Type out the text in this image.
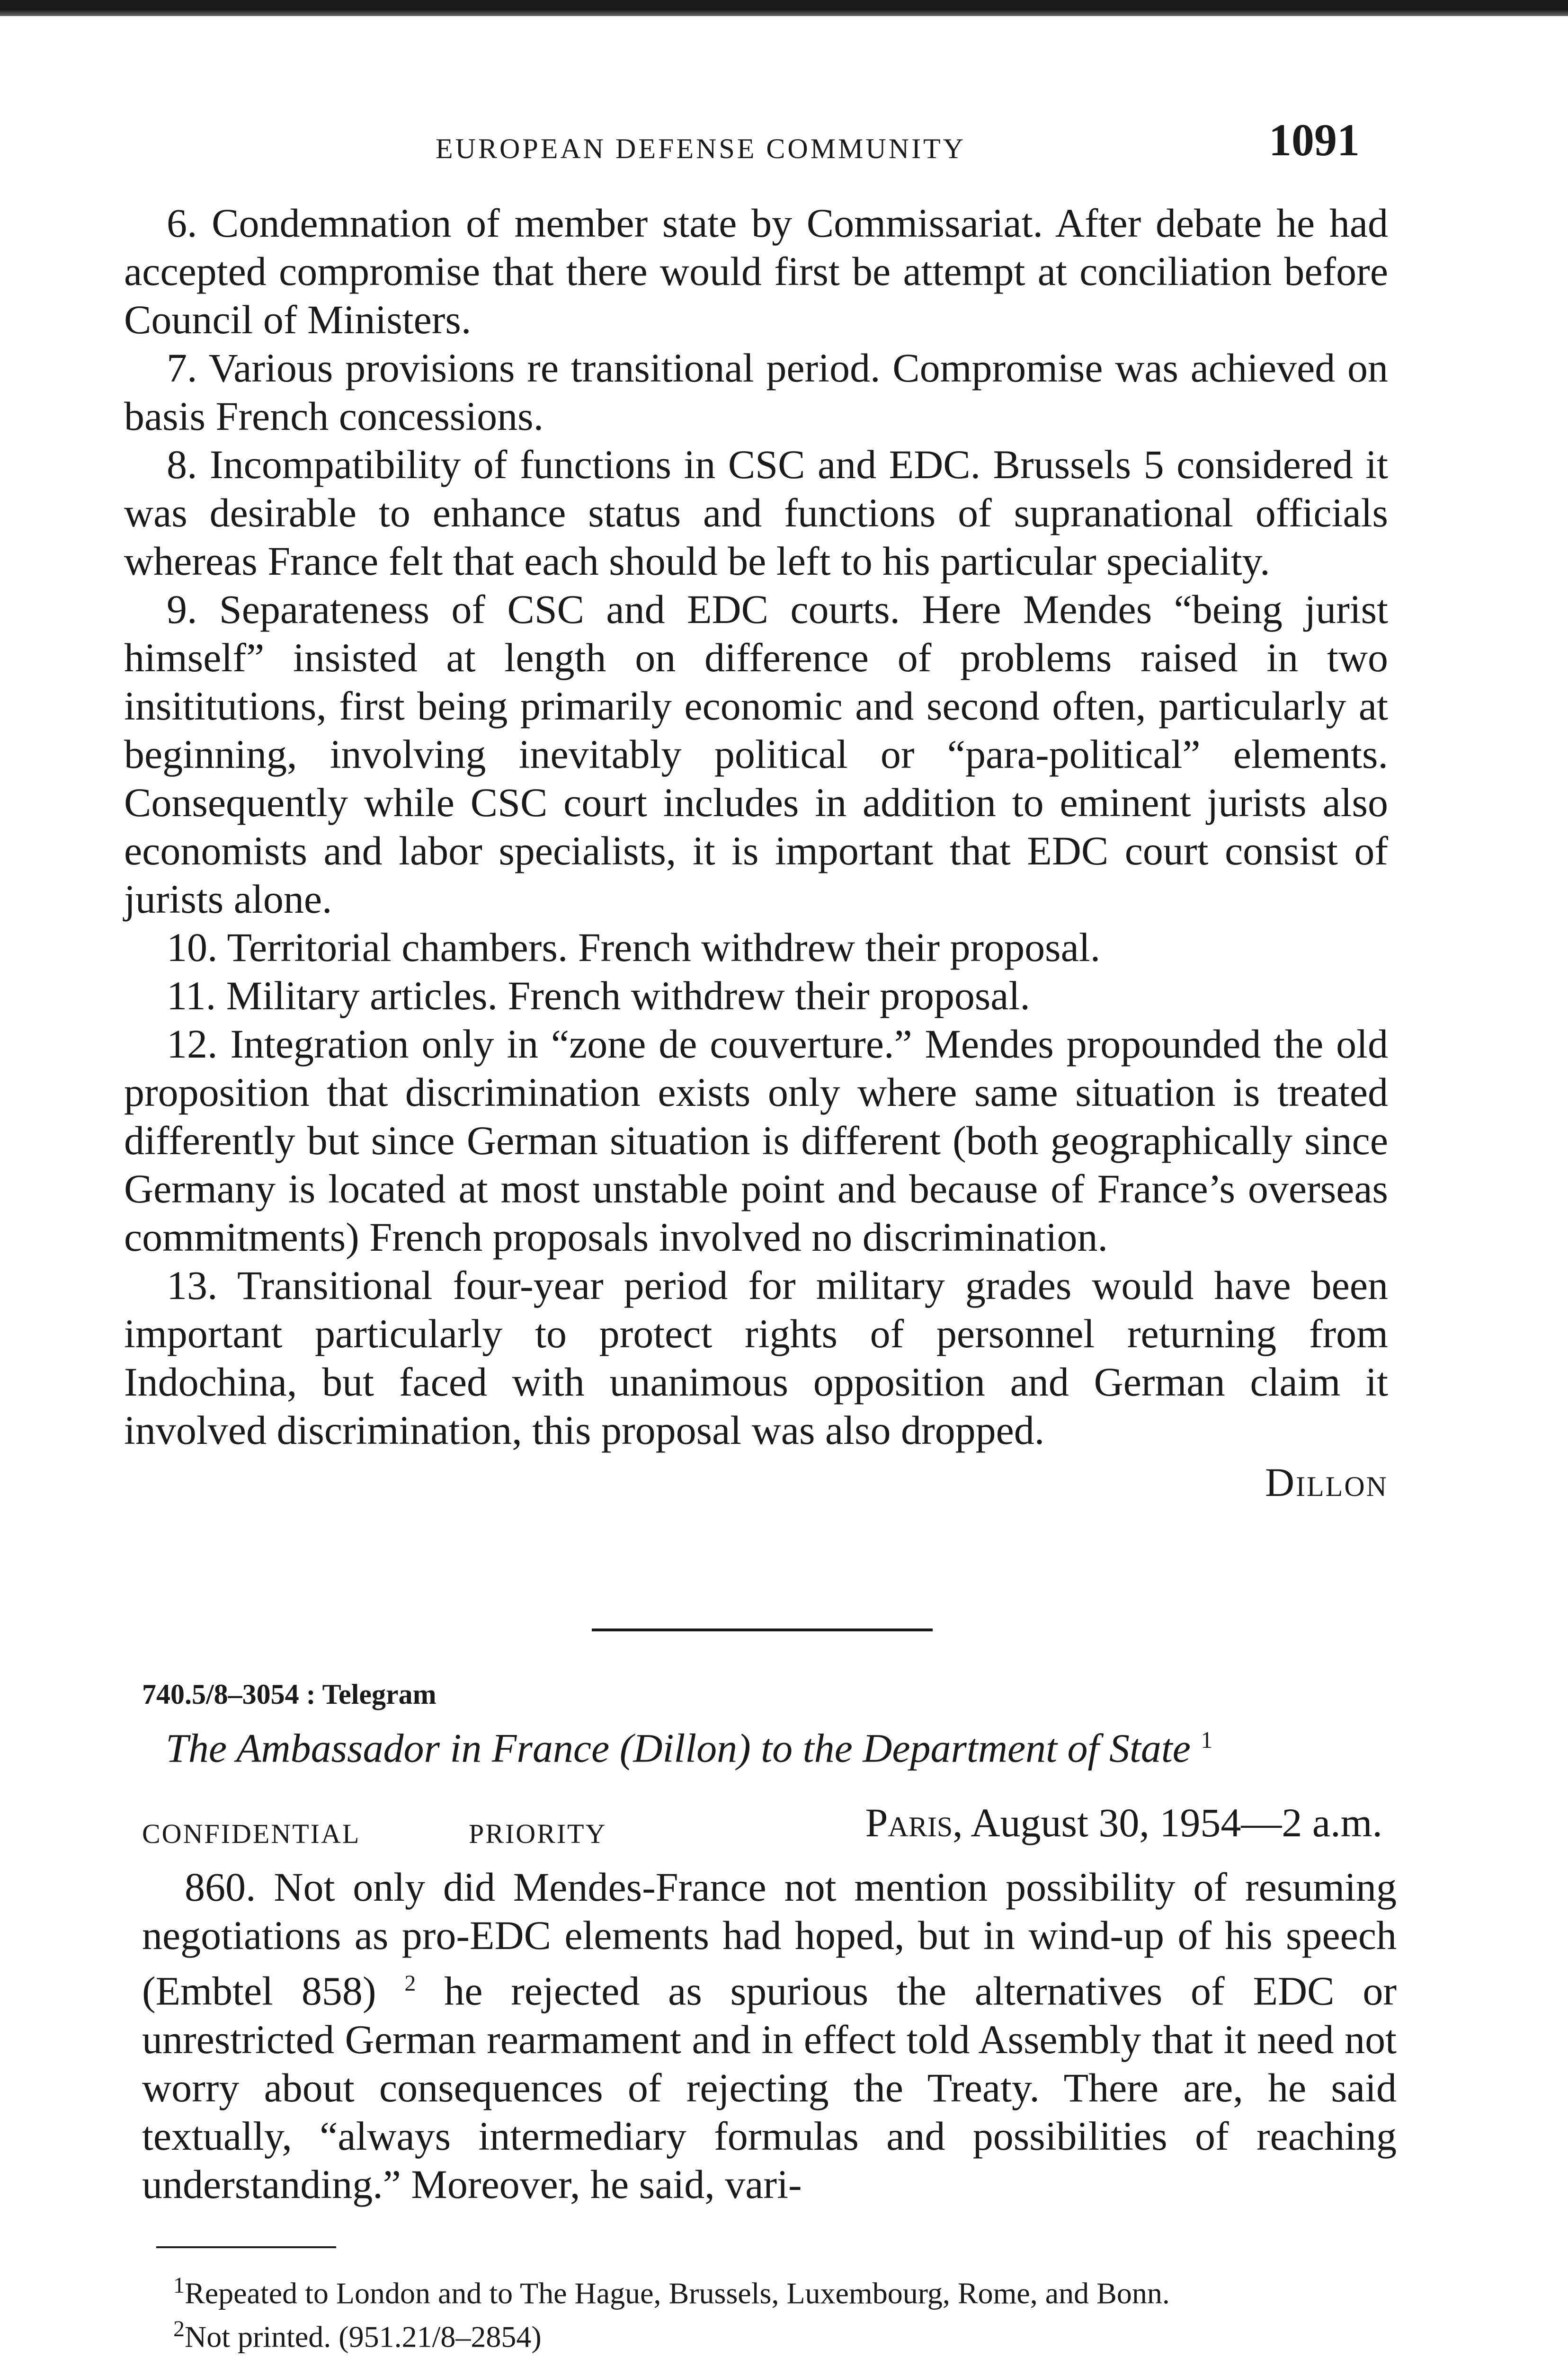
EUROPEAN DEFENSE COMMUNITY	1091

6. Condemnation of member state by Commissariat. After debate he had accepted compromise that there would first be attempt at conciliation before Council of Ministers.

7. Various provisions re transitional period. Compromise was achieved on basis French concessions.

8. Incompatibility of functions in CSC and EDC. Brussels 5 considered it was desirable to enhance status and functions of supranational officials whereas France felt that each should be left to his particular speciality.

9. Separateness of CSC and EDC courts. Here Mendes “being jurist himself” insisted at length on difference of problems raised in two insititutions, first being primarily economic and second often, particularly at beginning, involving inevitably political or “para-political” elements. Consequently while CSC court includes in addition to eminent jurists also economists and labor specialists, it is important that EDC court consist of jurists alone.

10. Territorial chambers. French withdrew their proposal.

11. Military articles. French withdrew their proposal.

12. Integration only in “zone de couverture.” Mendes propounded the old proposition that discrimination exists only where same situation is treated differently but since German situation is different (both geographically since Germany is located at most unstable point and because of France’s overseas commitments) French proposals involved no discrimination.

13. Transitional four-year period for military grades would have been important particularly to protect rights of personnel returning from Indochina, but faced with unanimous opposition and German claim it involved discrimination, this proposal was also dropped.

Dillon
740.5/8–3054 : Telegram
The Ambassador in France (Dillon) to the Department of State $^1$
CONFIDENTIAL	PRIORITY	Paris, August 30, 1954—2 a.m.

860. Not only did Mendes-France not mention possibility of resuming negotiations as pro-EDC elements had hoped, but in wind-up of his speech (Embtel 858) $^2$ he rejected as spurious the alternatives of EDC or unrestricted German rearmament and in effect told Assembly that it need not worry about consequences of rejecting the Treaty. There are, he said textually, “always intermediary formulas and possibilities of reaching understanding.” Moreover, he said, vari-

$^1$Repeated to London and to The Hague, Brussels, Luxembourg, Rome, and Bonn.

$^2$Not printed. (951.21/8–2854)
